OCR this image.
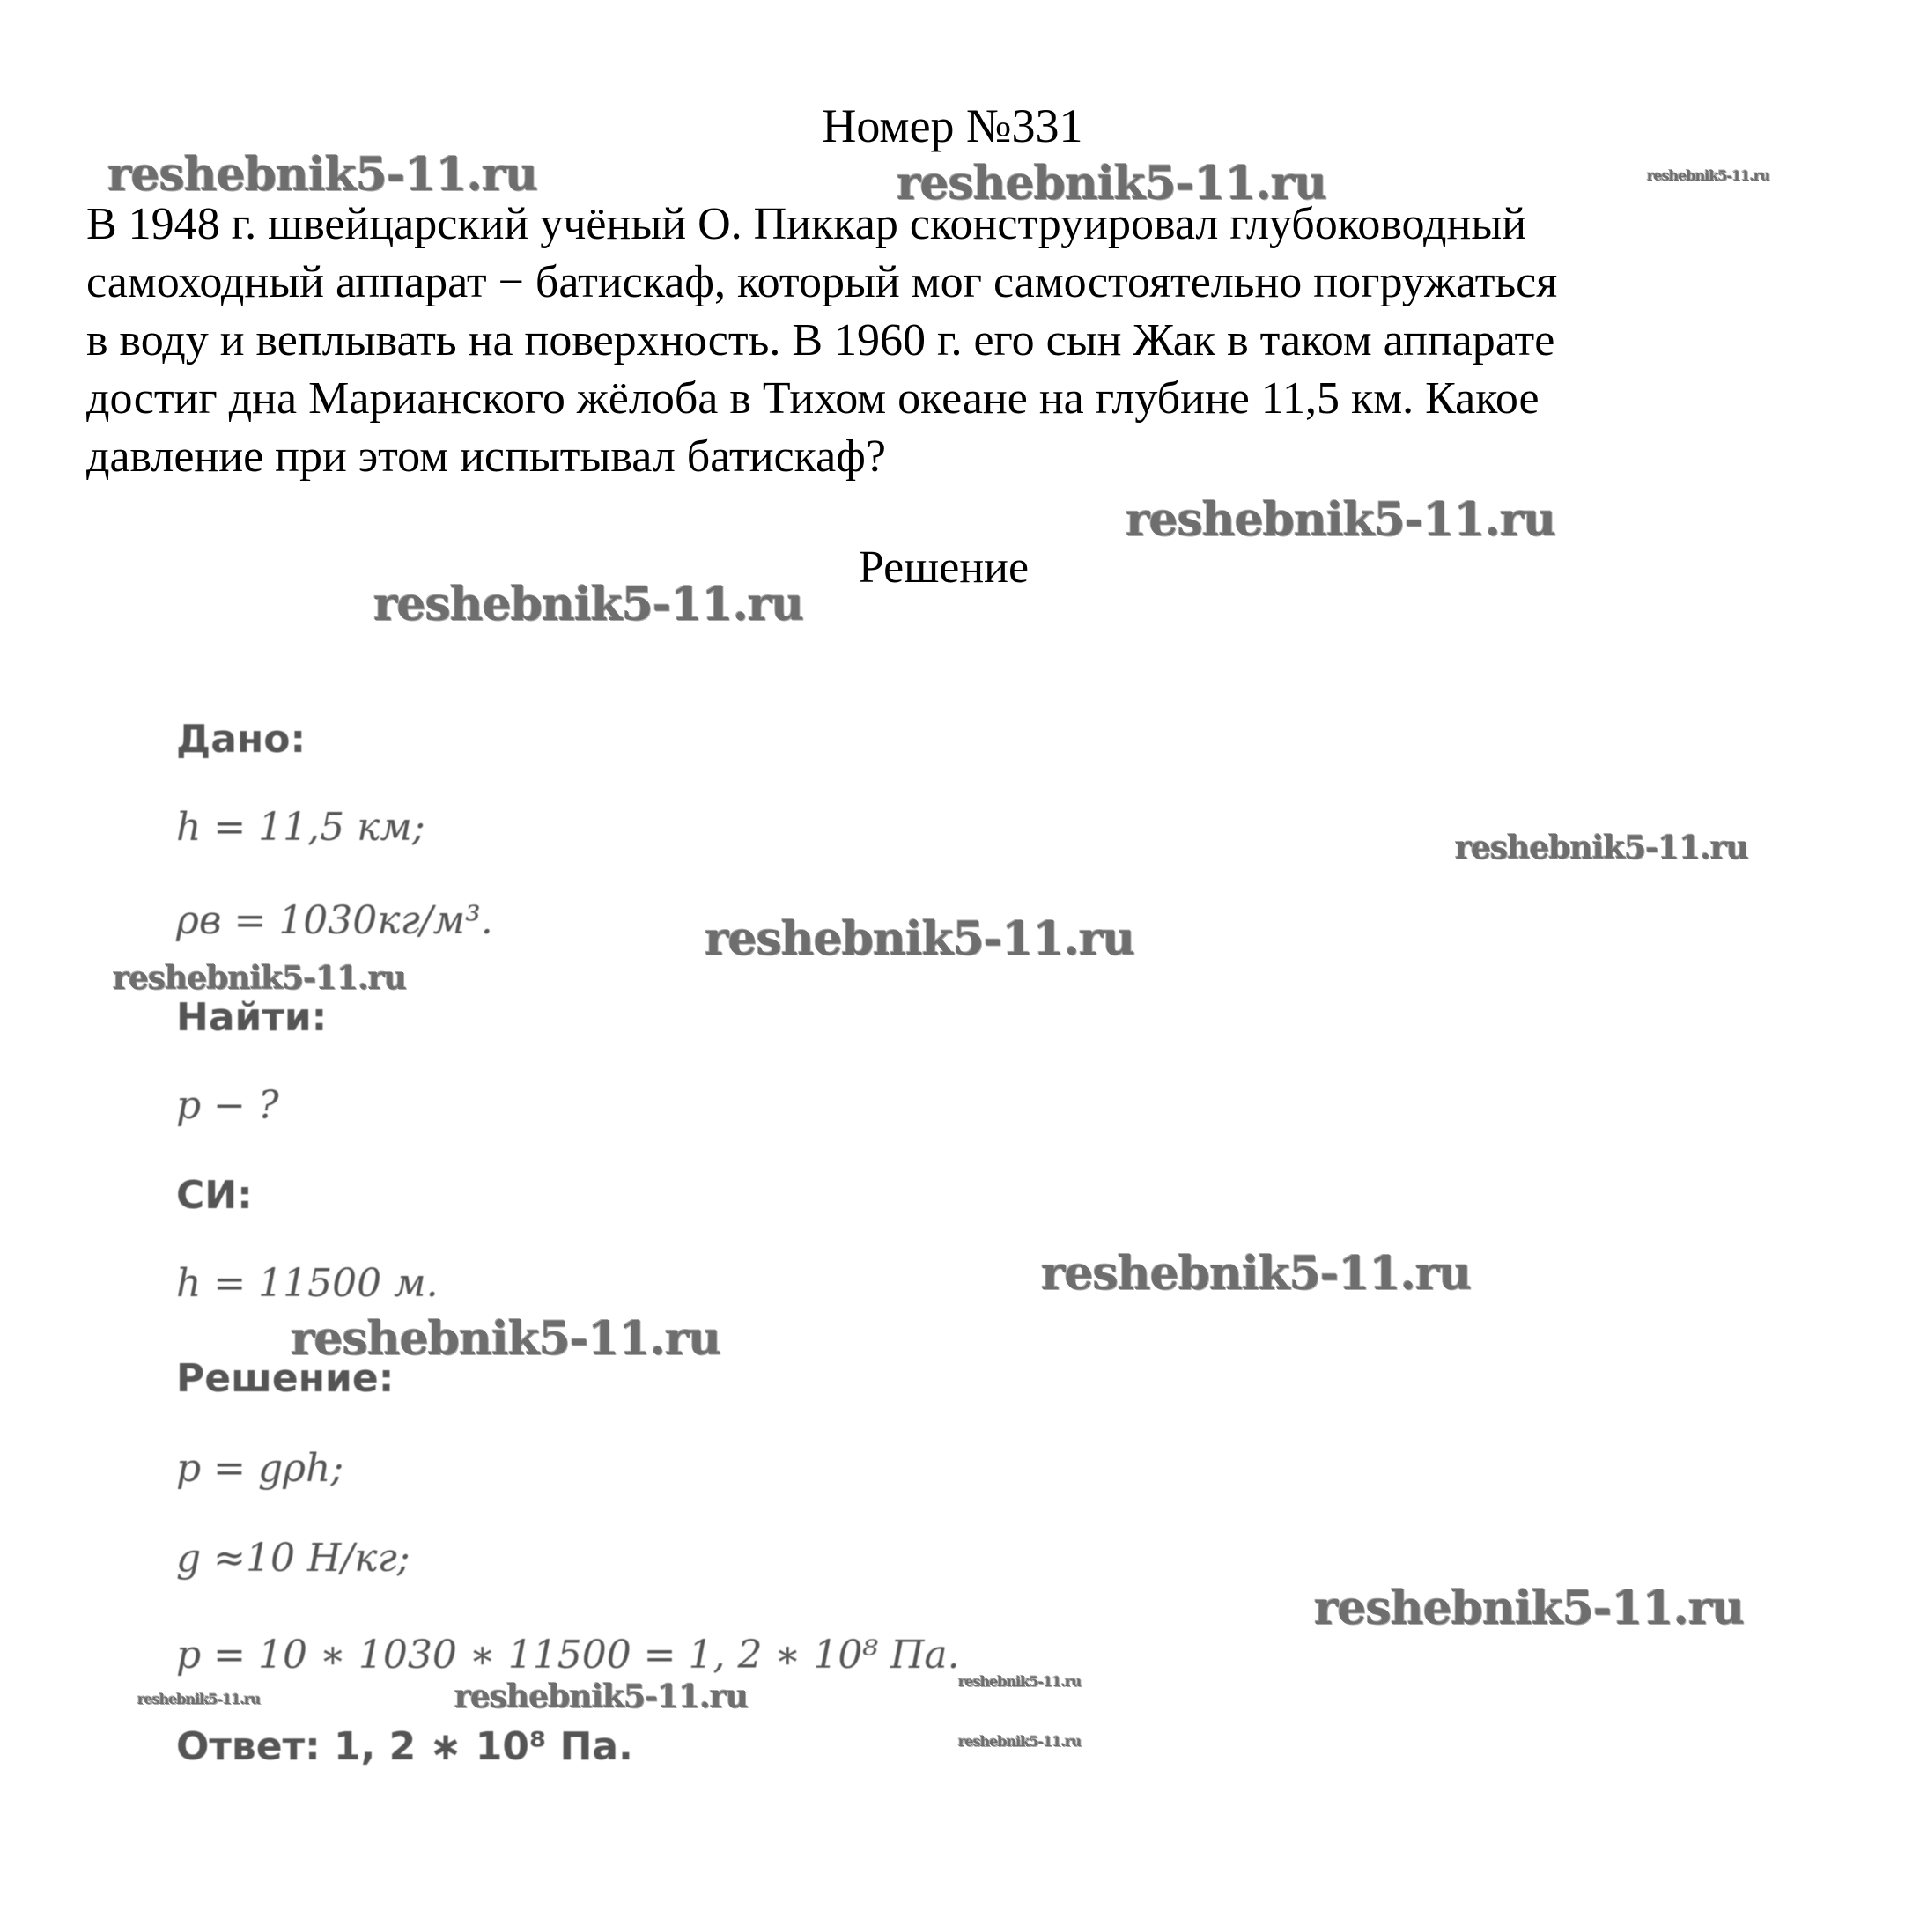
Номер №331
В 1948 г. швейцарский учёный О. Пиккар сконструировал глубоководный
самоходный аппарат − батискаф, который мог самостоятельно погружаться
в воду и веплывать на поверхность. В 1960 г. его сын Жак в таком аппарате
достиг дна Марианского жёлоба в Тихом океане на глубине 11,5 км. Какое
давление при этом испытывал батискаф?
Решение
Дано:
h = 11,5 км;
ρв = 1030кг/м³.
Найти:
p − ?
СИ:
h = 11500 м.
Решение:
p = gρh;
g ≈10 Н/кг;
p = 10 ∗ 1030 ∗ 11500 = 1, 2 ∗ 10⁸ Па.
Ответ: 1, 2 ∗ 10⁸ Па.
reshebnik5-11.ru	reshebnik5-11.ru	reshebnik5-11.ru
reshebnik5-11.ru
reshebnik5-11.ru
reshebnik5-11.ru
reshebnik5-11.ru
reshebnik5-11.ru
reshebnik5-11.ru
reshebnik5-11.ru
reshebnik5-11.ru
reshebnik5-11.ru	reshebnik5-11.ru	reshebnik5-11.ru
reshebnik5-11.ru
